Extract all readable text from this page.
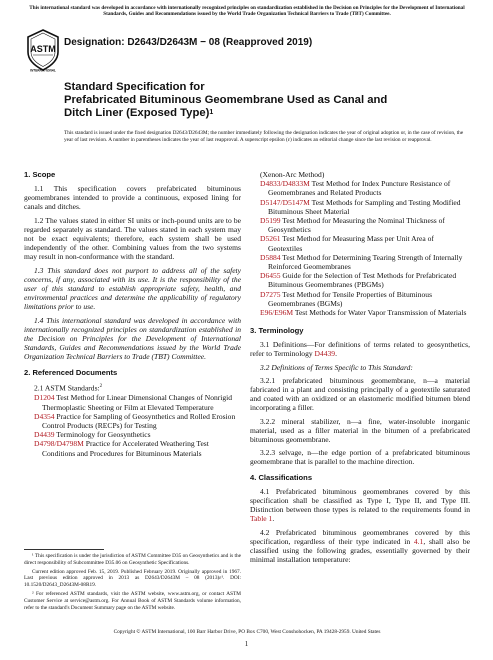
This international standard was developed in accordance with internationally recognized principles on standardization established in the Decision on Principles for the Development of International Standards, Guides and Recommendations issued by the World Trade Organization Technical Barriers to Trade (TBT) Committee.
ASTM
INTERNATIONAL
Designation: D2643/D2643M − 08 (Reapproved 2019)
Standard Specification for
Prefabricated Bituminous Geomembrane Used as Canal and Ditch Liner (Exposed Type)$^1$
This standard is issued under the fixed designation D2643/D2643M; the number immediately following the designation indicates the year of original adoption or, in the case of revision, the year of last revision. A number in parentheses indicates the year of last reapproval. A superscript epsilon (ε) indicates an editorial change since the last revision or reapproval.
1. Scope

1.1 This specification covers prefabricated bituminous geomembranes intended to provide a continuous, exposed lining for canals and ditches.

1.2 The values stated in either SI units or inch-pound units are to be regarded separately as standard. The values stated in each system may not be exact equivalents; therefore, each system shall be used independently of the other. Combining values from the two systems may result in non-conformance with the standard.

1.3 This standard does not purport to address all of the safety concerns, if any, associated with its use. It is the responsibility of the user of this standard to establish appropriate safety, health, and environmental practices and determine the applicability of regulatory limitations prior to use.

1.4 This international standard was developed in accordance with internationally recognized principles on standardization established in the Decision on Principles for the Development of International Standards, Guides and Recommendations issued by the World Trade Organization Technical Barriers to Trade (TBT) Committee.

2. Referenced Documents

2.1 ASTM Standards:$^2$

D1204 Test Method for Linear Dimensional Changes of Nonrigid Thermoplastic Sheeting or Film at Elevated Temperature

D4354 Practice for Sampling of Geosynthetics and Rolled Erosion Control Products (RECPs) for Testing

D4439 Terminology for Geosynthetics

D4798/D4798M Practice for Accelerated Weathering Test Conditions and Procedures for Bituminous Materials

(Xenon-Arc Method)

D4833/D4833M Test Method for Index Puncture Resistance of Geomembranes and Related Products

D5147/D5147M Test Methods for Sampling and Testing Modified Bituminous Sheet Material

D5199 Test Method for Measuring the Nominal Thickness of Geosynthetics

D5261 Test Method for Measuring Mass per Unit Area of Geotextiles

D5884 Test Method for Determining Tearing Strength of Internally Reinforced Geomembranes

D6455 Guide for the Selection of Test Methods for Prefabricated Bituminous Geomembranes (PBGMs)

D7275 Test Method for Tensile Properties of Bituminous Geomembranes (BGMs)

E96/E96M Test Methods for Water Vapor Transmission of Materials

3. Terminology

3.1 Definitions—For definitions of terms related to geosynthetics, refer to Terminology D4439.

3.2 Definitions of Terms Specific to This Standard:

3.2.1 prefabricated bituminous geomembrane, n—a material fabricated in a plant and consisting principally of a geotextile saturated and coated with an oxidized or an elastomeric modified bitumen blend incorporating a filler.

3.2.2 mineral stabilizer, n—a fine, water-insoluble inorganic material, used as a filler material in the bitumen of a prefabricated bituminous geomembrane.

3.2.3 selvage, n—the edge portion of a prefabricated bituminous geomembrane that is parallel to the machine direction.

4. Classifications

4.1 Prefabricated bituminous geomembranes covered by this specification shall be classified as Type I, Type II, and Type III. Distinction between those types is related to the requirements found in Table 1.

4.2 Prefabricated bituminous geomembranes covered by this specification, regardless of their type indicated in 4.1, shall also be classified using the following grades, essentially governed by their minimal installation temperature:

¹ This specification is under the jurisdiction of ASTM Committee D35 on Geosynthetics and is the direct responsibility of Subcommittee D35.06 on Geosynthetic Specifications.

Current edition approved Feb. 15, 2019. Published February 2019. Originally approved in 1967. Last previous edition approved in 2013 as D2643/D2643M – 08 (2013)ε¹. DOI: 10.1520/D2643_D2643M-08R19.

² For referenced ASTM standards, visit the ASTM website, www.astm.org, or contact ASTM Customer Service at service@astm.org. For Annual Book of ASTM Standards volume information, refer to the standard's Document Summary page on the ASTM website.

Copyright © ASTM International, 100 Barr Harbor Drive, PO Box C700, West Conshohocken, PA 19428-2959. United States
1
